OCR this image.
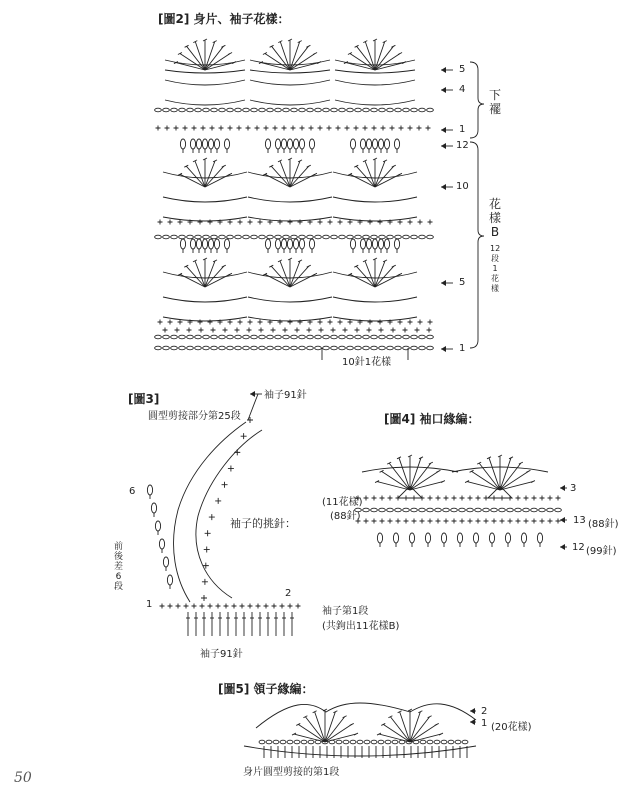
[圖2] 身片、袖子花樣：
5
4
1
12
10
5
1
下襬
花樣B
12段1花樣
10針1花樣
[圖3]	袖子91針
圓型剪接部分第25段
袖子的挑針：
6
前後差6段
1
2
袖子第1段
(共鉤出11花樣B)
袖子91針
[圖4] 袖口緣編：
(11花樣)
(88針)
3
13 (88針)
12 (99針)
[圖5] 領子緣編：
2
1 (20花樣)
身片圓型剪接的第1段
50
